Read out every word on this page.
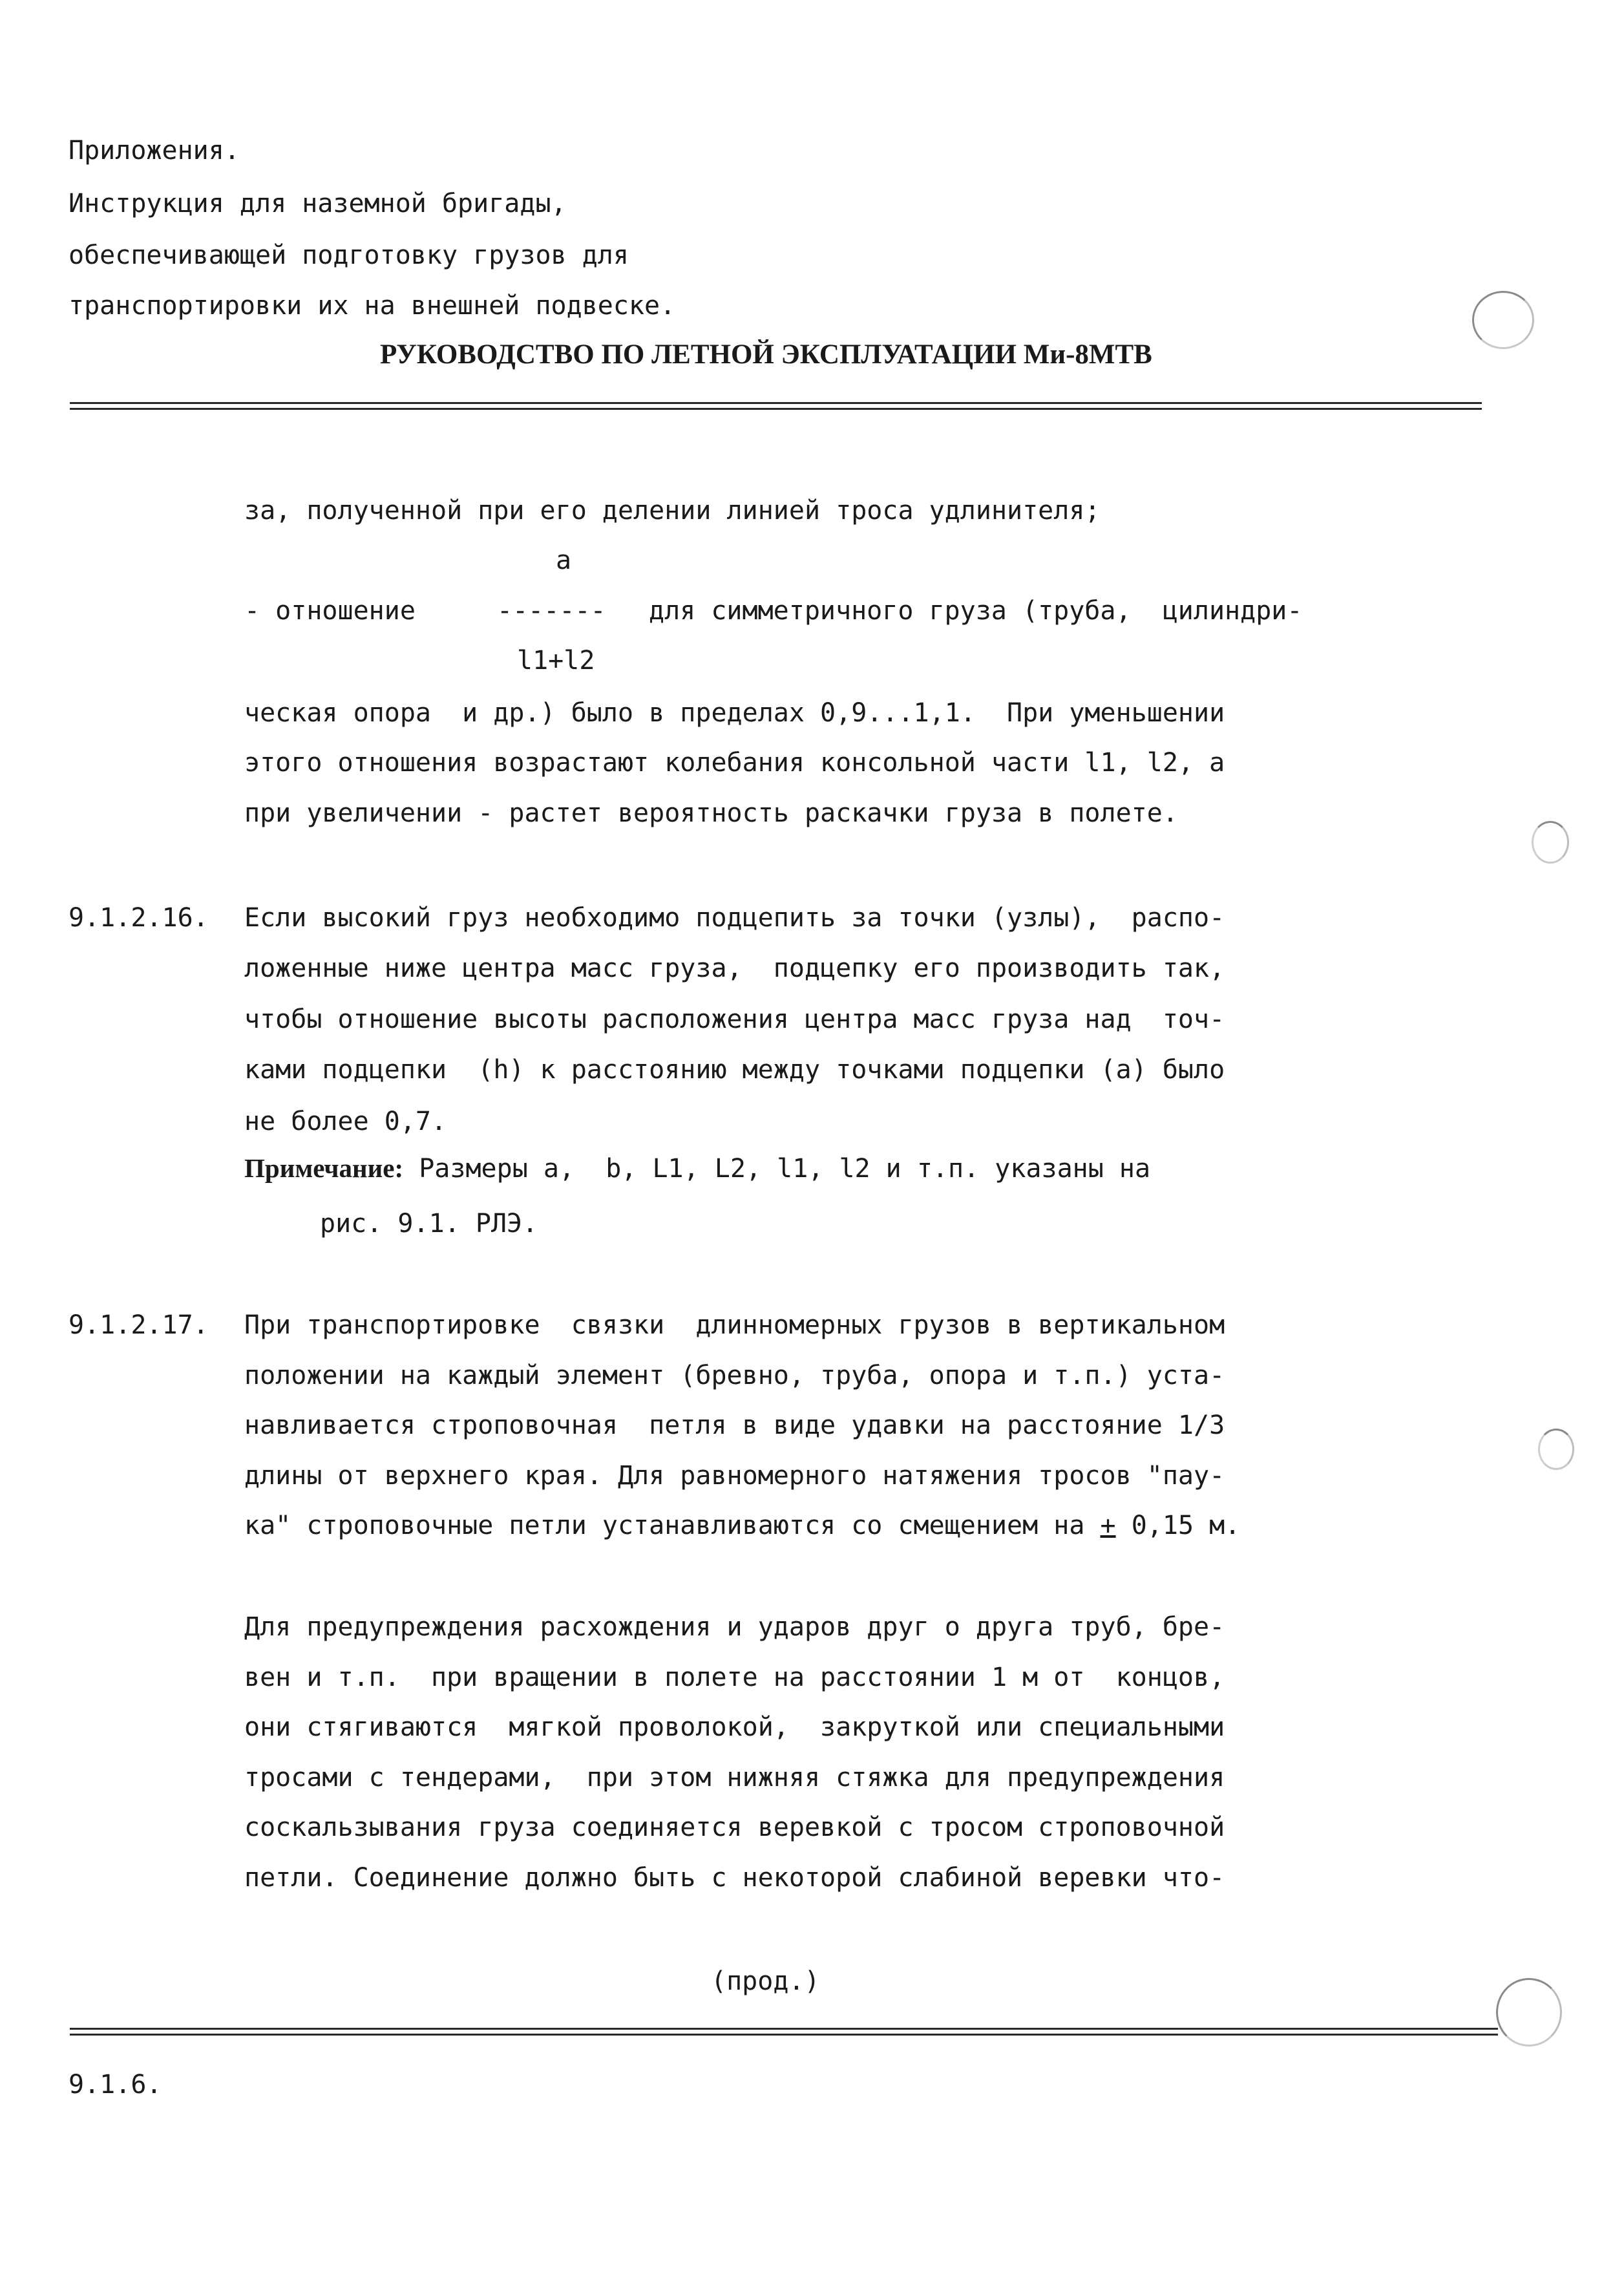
Приложения.
Инструкция для наземной бригады,
обеспечивающей подготовку грузов для
транспортировки их на внешней подвеске.
РУКОВОДСТВО ПО ЛЕТНОЙ ЭКСПЛУАТАЦИИ Ми-8МТВ
за, полученной при его делении линией троса удлинителя;
a
- отношение	------- для симметричного груза (труба,  цилиндри-
l1+l2
ческая опора  и др.) было в пределах 0,9...1,1.  При уменьшении
этого отношения возрастают колебания консольной части l1, l2, а
при увеличении - растет вероятность раскачки груза в полете.
9.1.2.16. Если высокий груз необходимо подцепить за точки (узлы),  распо-
ложенные ниже центра масс груза,  подцепку его производить так,
чтобы отношение высоты расположения центра масс груза над  точ-
ками подцепки  (h) к расстоянию между точками подцепки (а) было
не более 0,7.
Примечание: Размеры а,  b, L1, L2, l1, l2 и т.п. указаны на
рис. 9.1. РЛЭ.
9.1.2.17. При транспортировке  связки  длинномерных грузов в вертикальном
положении на каждый элемент (бревно, труба, опора и т.п.) уста-
навливается строповочная  петля в виде удавки на расстояние 1/3
длины от верхнего края. Для равномерного натяжения тросов "пау-
ка" строповочные петли устанавливаются со смещением на + 0,15 м.
Для предупреждения расхождения и ударов друг о друга труб, бре-
вен и т.п.  при вращении в полете на расстоянии 1 м от  концов,
они стягиваются  мягкой проволокой,  закруткой или специальными
тросами с тендерами,  при этом нижняя стяжка для предупреждения
соскальзывания груза соединяется веревкой с тросом строповочной
петли. Соединение должно быть с некоторой слабиной веревки что-
(прод.)
9.1.6.
